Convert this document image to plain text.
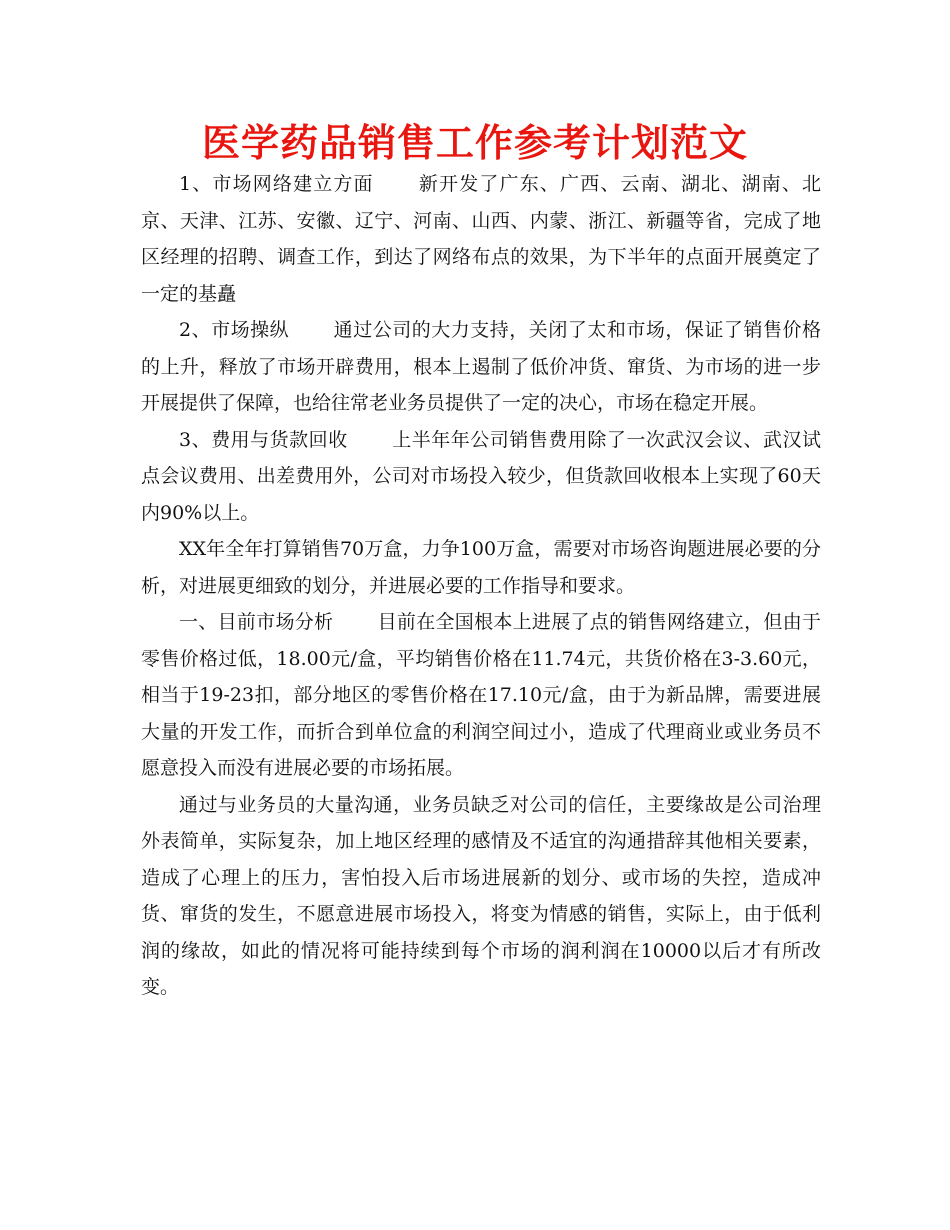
医学药品销售工作参考计划范文

1、市场网络建立方面 新开发了广东、广西、云南、湖北、湖南、北京、天津、江苏、安徽、辽宁、河南、山西、内蒙、浙江、新疆等省，完成了地区经理的招聘、调查工作，到达了网络布点的效果，为下半年的点面开展奠定了一定的基矗

2、市场操纵 通过公司的大力支持，关闭了太和市场，保证了销售价格的上升，释放了市场开辟费用，根本上遏制了低价冲货、窜货、为市场的进一步开展提供了保障，也给往常老业务员提供了一定的决心，市场在稳定开展。

3、费用与货款回收 上半年年公司销售费用除了一次武汉会议、武汉试点会议费用、出差费用外，公司对市场投入较少，但货款回收根本上实现了60天内90%以上。

XX年全年打算销售70万盒，力争100万盒，需要对市场咨询题进展必要的分析，对进展更细致的划分，并进展必要的工作指导和要求。

一、目前市场分析 目前在全国根本上进展了点的销售网络建立，但由于零售价格过低，18.00元/盒，平均销售价格在11.74元，共货价格在3-3.60元，相当于19-23扣，部分地区的零售价格在17.10元/盒，由于为新品牌，需要进展大量的开发工作，而折合到单位盒的利润空间过小，造成了代理商业或业务员不愿意投入而没有进展必要的市场拓展。

通过与业务员的大量沟通，业务员缺乏对公司的信任，主要缘故是公司治理外表简单，实际复杂，加上地区经理的感情及不适宜的沟通措辞其他相关要素，造成了心理上的压力，害怕投入后市场进展新的划分、或市场的失控，造成冲货、窜货的发生，不愿意进展市场投入，将变为情感的销售，实际上，由于低利润的缘故，如此的情况将可能持续到每个市场的润利润在10000以后才有所改变。
